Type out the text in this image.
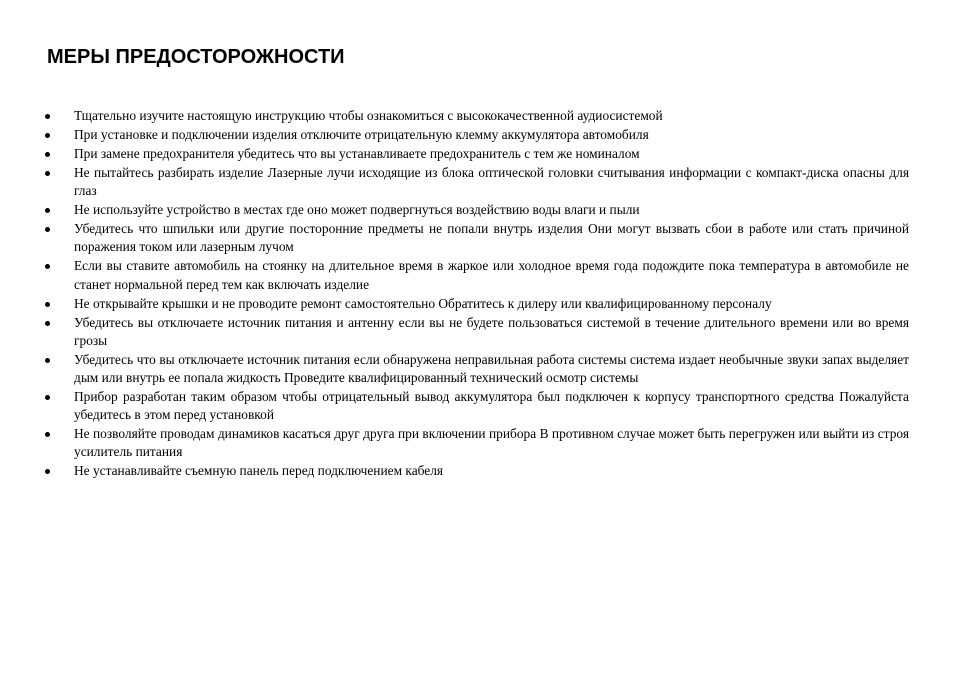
МЕРЫ ПРЕДОСТОРОЖНОСТИ
Тщательно изучите настоящую инструкцию чтобы ознакомиться с высококачественной аудиосистемой
При установке и подключении изделия отключите отрицательную клемму аккумулятора автомобиля
При замене предохранителя убедитесь что вы устанавливаете предохранитель с тем же номиналом
Не пытайтесь разбирать изделие Лазерные лучи исходящие из блока оптической головки считывания информации с компакт-диска опасны для глаз
Не используйте устройство в местах где оно может подвергнуться воздействию воды влаги и пыли
Убедитесь что шпильки или другие посторонние предметы не попали внутрь изделия Они могут вызвать сбои в работе или стать причиной поражения током или лазерным лучом
Если вы ставите автомобиль на стоянку на длительное время в жаркое или холодное время года подождите пока температура в автомобиле не станет нормальной перед тем как включать изделие
Не открывайте крышки и не проводите ремонт самостоятельно Обратитесь к дилеру или квалифицированному персоналу
Убедитесь вы отключаете источник питания и антенну если вы не будете пользоваться системой в течение длительного времени или во время грозы
Убедитесь что вы отключаете источник питания если обнаружена неправильная работа системы система издает необычные звуки запах выделяет дым или внутрь ее попала жидкость Проведите квалифицированный технический осмотр системы
Прибор разработан таким образом чтобы отрицательный вывод аккумулятора был подключен к корпусу транспортного средства Пожалуйста убедитесь в этом перед установкой
Не позволяйте проводам динамиков касаться друг друга при включении прибора В противном случае может быть перегружен или выйти из строя усилитель питания
Не устанавливайте съемную панель перед подключением кабеля
